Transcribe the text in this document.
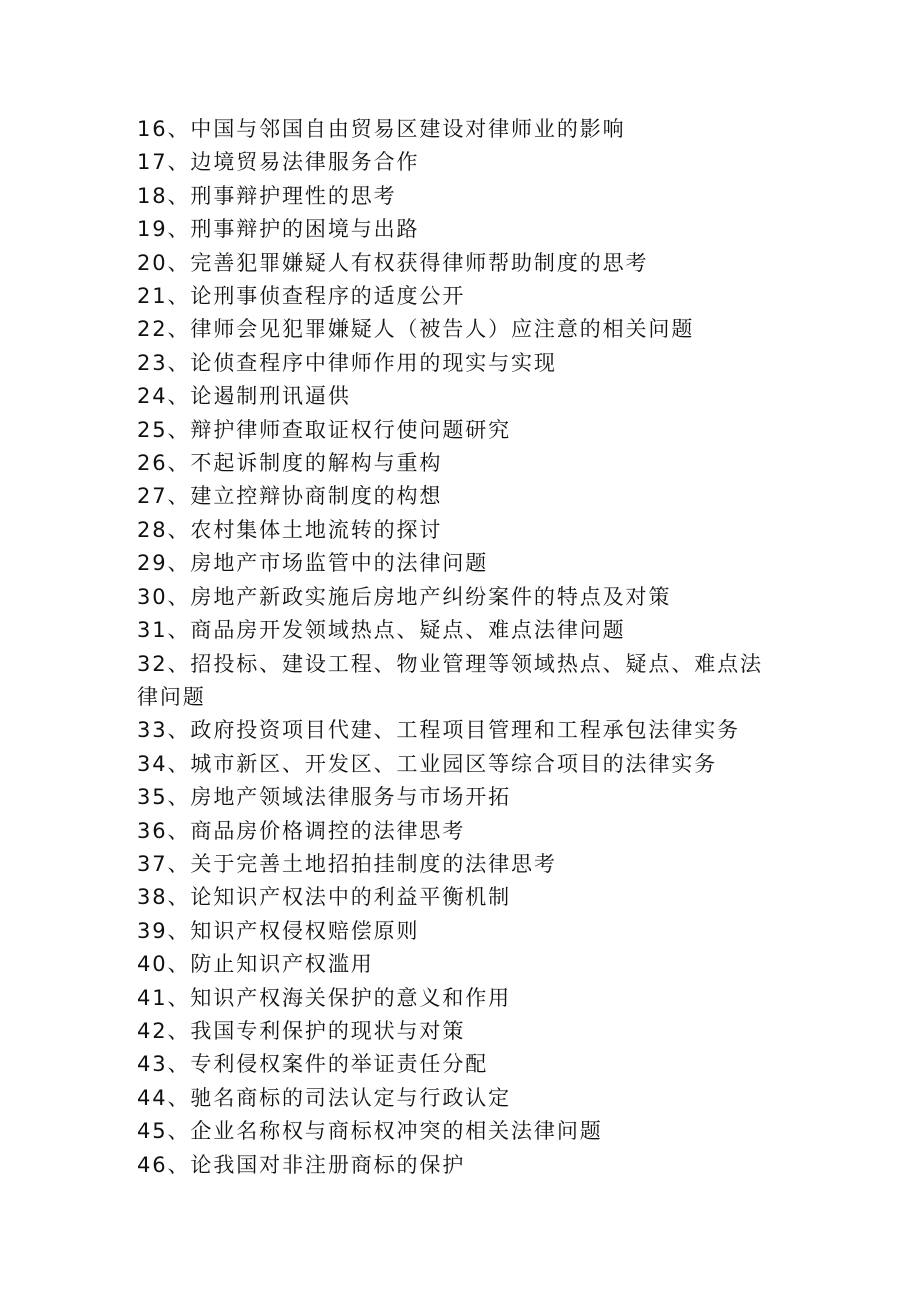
16、中国与邻国自由贸易区建设对律师业的影响
17、边境贸易法律服务合作
18、刑事辩护理性的思考
19、刑事辩护的困境与出路
20、完善犯罪嫌疑人有权获得律师帮助制度的思考
21、论刑事侦查程序的适度公开
22、律师会见犯罪嫌疑人（被告人）应注意的相关问题
23、论侦查程序中律师作用的现实与实现
24、论遏制刑讯逼供
25、辩护律师查取证权行使问题研究
26、不起诉制度的解构与重构
27、建立控辩协商制度的构想
28、农村集体土地流转的探讨
29、房地产市场监管中的法律问题
30、房地产新政实施后房地产纠纷案件的特点及对策
31、商品房开发领域热点、疑点、难点法律问题
32、招投标、建设工程、物业管理等领域热点、疑点、难点法律问题
33、政府投资项目代建、工程项目管理和工程承包法律实务
34、城市新区、开发区、工业园区等综合项目的法律实务
35、房地产领域法律服务与市场开拓
36、商品房价格调控的法律思考
37、关于完善土地招拍挂制度的法律思考
38、论知识产权法中的利益平衡机制
39、知识产权侵权赔偿原则
40、防止知识产权滥用
41、知识产权海关保护的意义和作用
42、我国专利保护的现状与对策
43、专利侵权案件的举证责任分配
44、驰名商标的司法认定与行政认定
45、企业名称权与商标权冲突的相关法律问题
46、论我国对非注册商标的保护
